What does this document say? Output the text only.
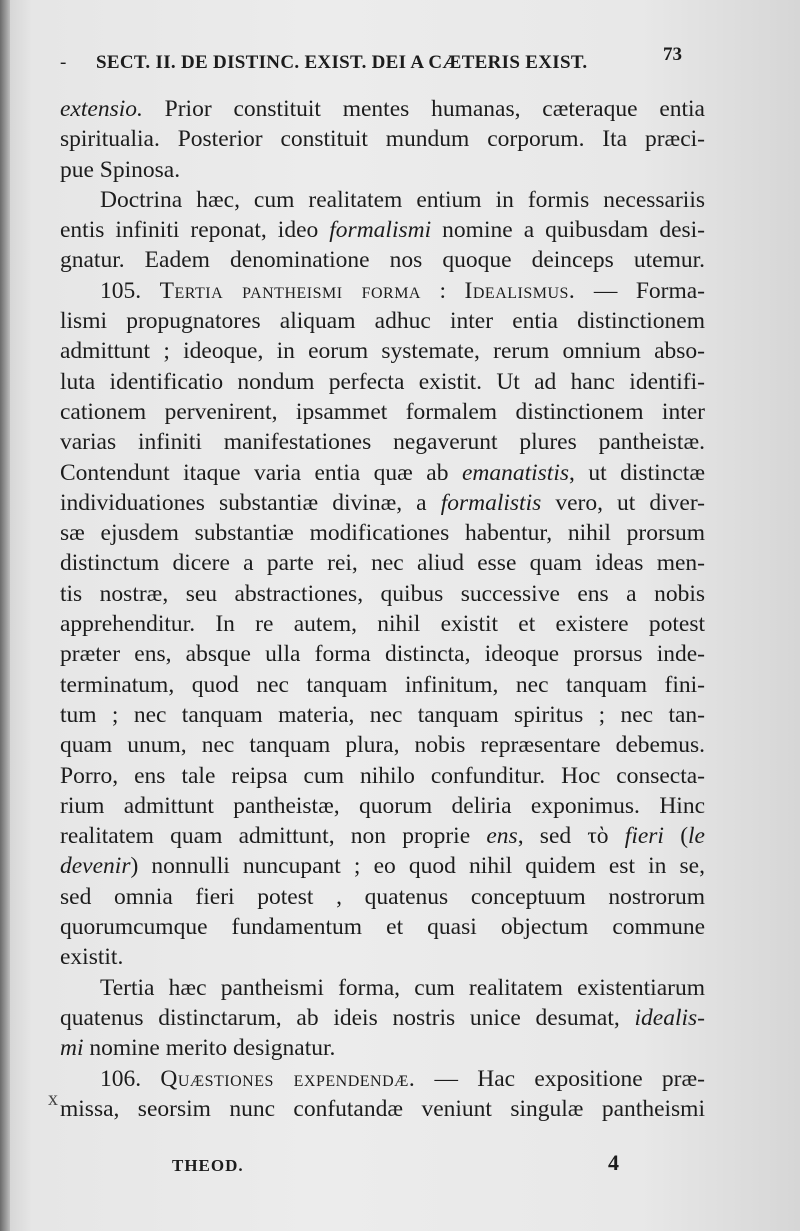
- SECT. II. DE DISTINC. EXIST. DEI A CÆTERIS EXIST.	73
extensio. Prior constituit mentes humanas, cæteraque entia
spiritualia. Posterior constituit mundum corporum. Ita præci-
pue Spinosa.
Doctrina hæc, cum realitatem entium in formis necessariis
entis infiniti reponat, ideo formalismi nomine a quibusdam desi-
gnatur. Eadem denominatione nos quoque deinceps utemur.
105. Tertia pantheismi forma : Idealismus. — Forma-
lismi propugnatores aliquam adhuc inter entia distinctionem
admittunt ; ideoque, in eorum systemate, rerum omnium abso-
luta identificatio nondum perfecta existit. Ut ad hanc identifi-
cationem pervenirent, ipsammet formalem distinctionem inter
varias infiniti manifestationes negaverunt plures pantheistæ.
Contendunt itaque varia entia quæ ab emanatistis, ut distinctæ
individuationes substantiæ divinæ, a formalistis vero, ut diver-
sæ ejusdem substantiæ modificationes habentur, nihil prorsum
distinctum dicere a parte rei, nec aliud esse quam ideas men-
tis nostræ, seu abstractiones, quibus successive ens a nobis
apprehenditur. In re autem, nihil existit et existere potest
præter ens, absque ulla forma distincta, ideoque prorsus inde-
terminatum, quod nec tanquam infinitum, nec tanquam fini-
tum ; nec tanquam materia, nec tanquam spiritus ; nec tan-
quam unum, nec tanquam plura, nobis repræsentare debemus.
Porro, ens tale reipsa cum nihilo confunditur. Hoc consecta-
rium admittunt pantheistæ, quorum deliria exponimus. Hinc
realitatem quam admittunt, non proprie ens, sed τὸ fieri (le
devenir) nonnulli nuncupant ; eo quod nihil quidem est in se,
sed omnia fieri potest , quatenus conceptuum nostrorum
quorumcumque fundamentum et quasi objectum commune
existit.
Tertia hæc pantheismi forma, cum realitatem existentiarum
quatenus distinctarum, ab ideis nostris unice desumat, idealis-
mi nomine merito designatur.
106. Quæstiones expendendæ. — Hac expositione præ-
missa, seorsim nunc confutandæ veniunt singulæ pantheismi
x
THEOD.	4
